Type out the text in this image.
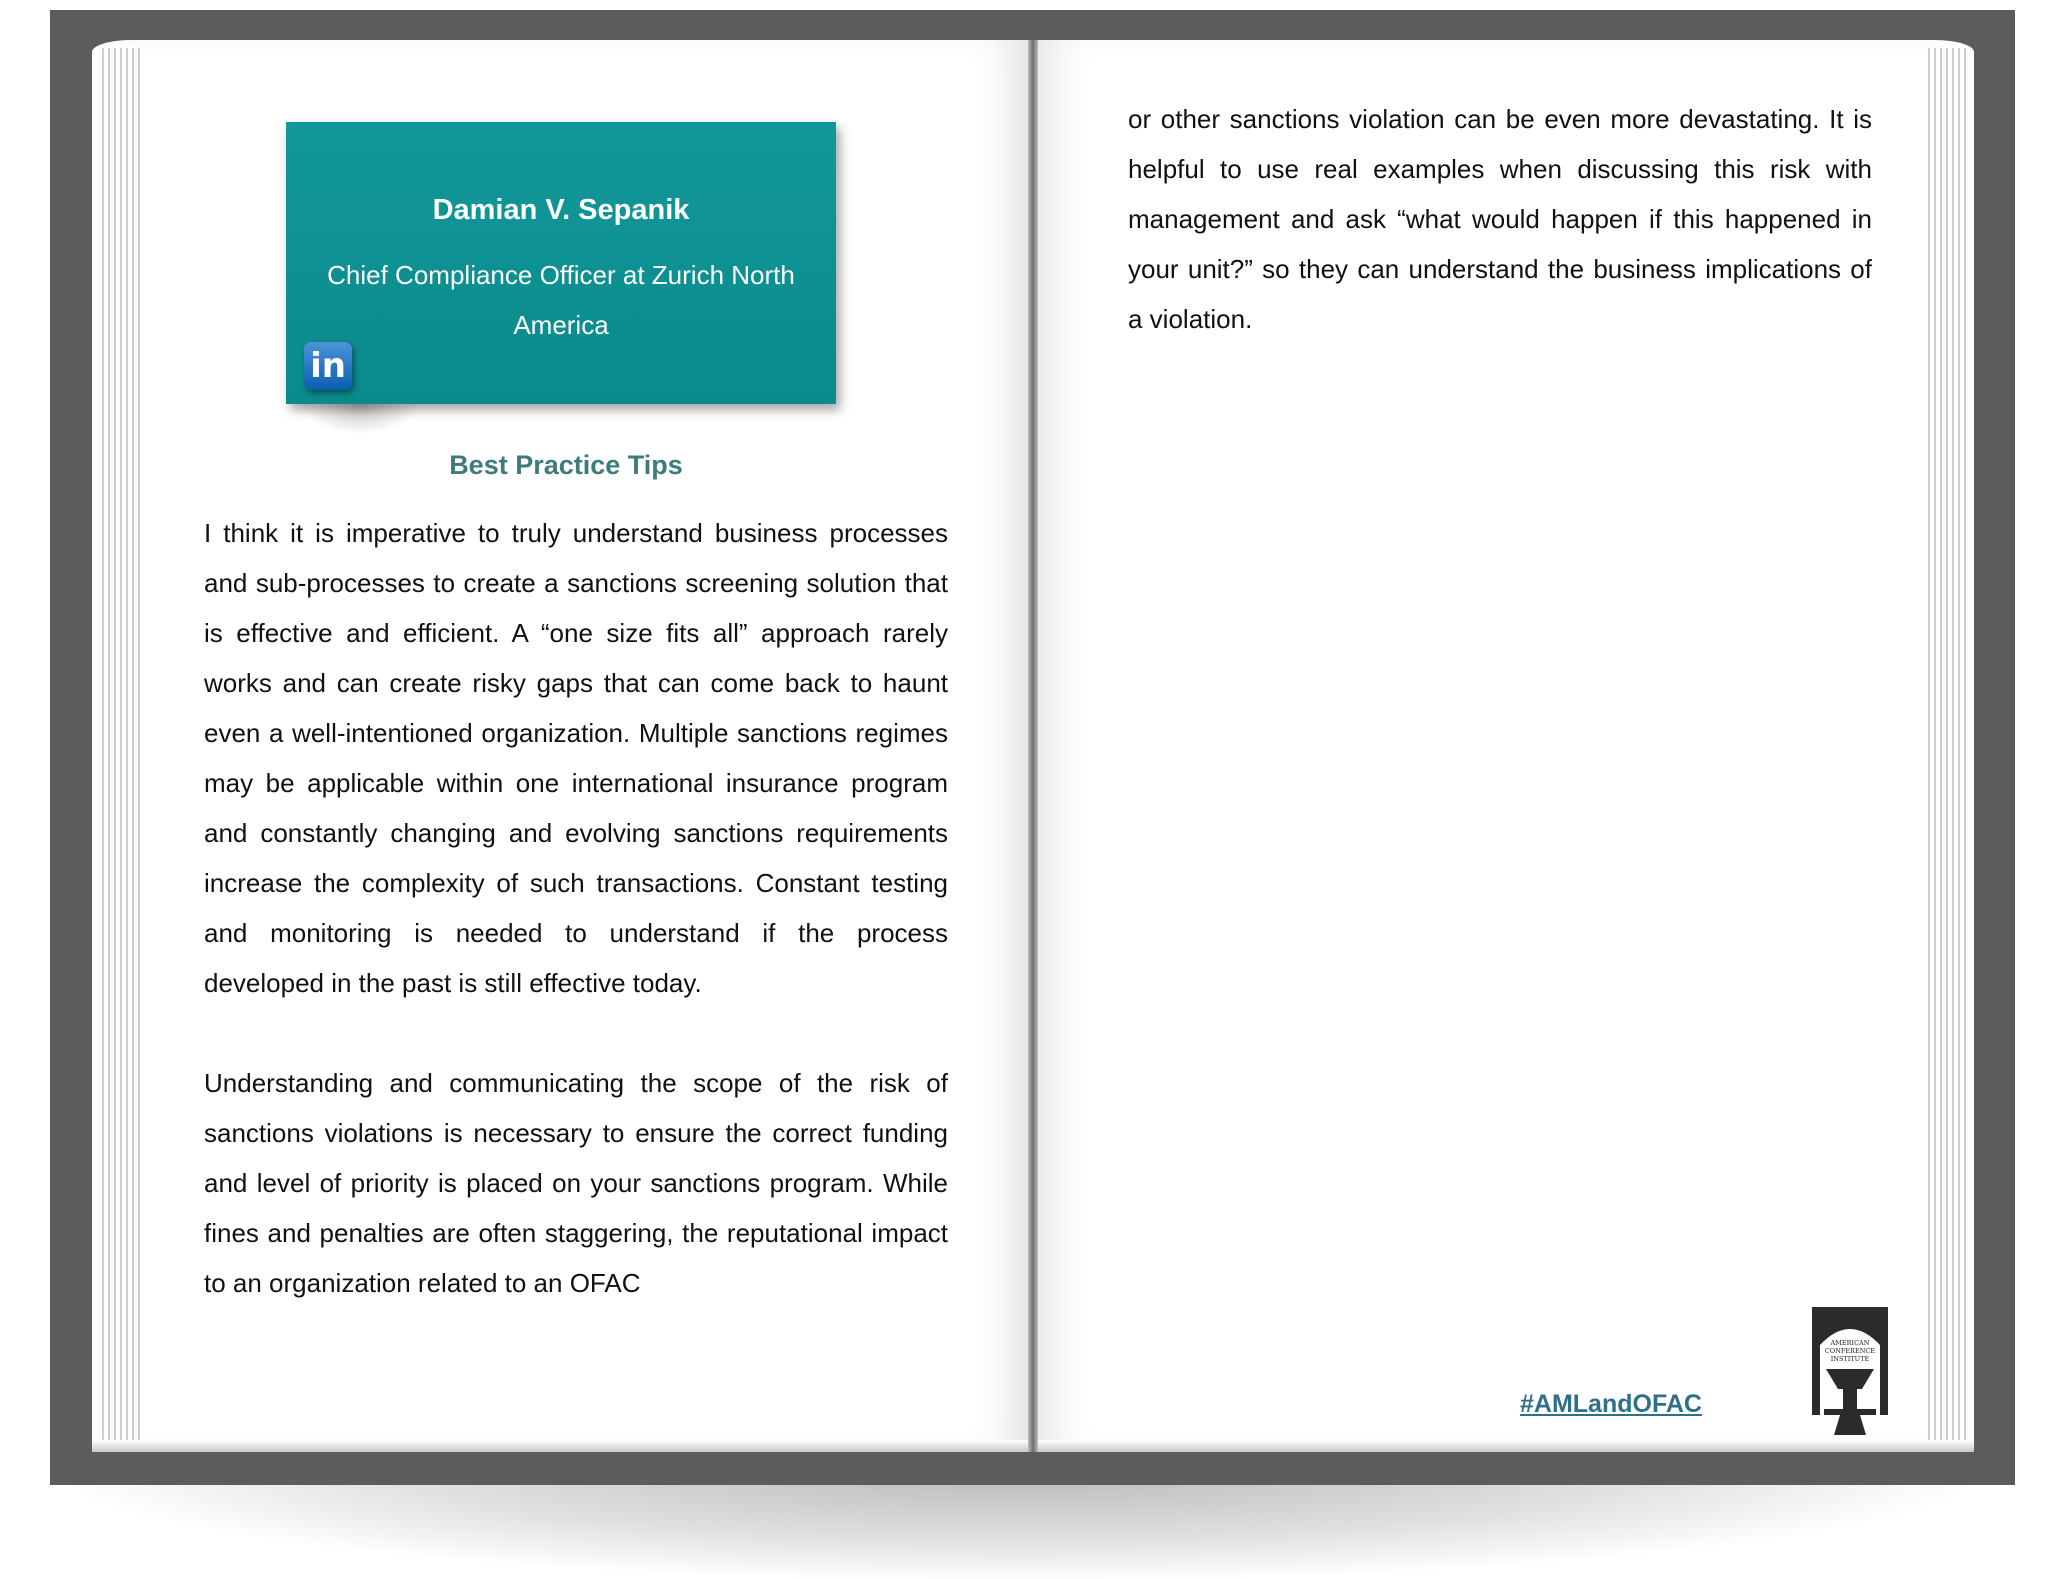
Damian V. Sepanik
Chief Compliance Officer at Zurich North America
in
Best Practice Tips

I think it is imperative to truly understand business processes and sub-processes to create a sanctions screening solution that is effective and efficient. A “one size fits all” approach rarely works and can create risky gaps that can come back to haunt even a well-intentioned organization. Multiple sanctions regimes may be applicable within one international insurance program and constantly changing and evolving sanctions requirements increase the complexity of such transactions. Constant testing and monitoring is needed to understand if the process developed in the past is still effective today.

Understanding and communicating the scope of the risk of sanctions violations is necessary to ensure the correct funding and level of priority is placed on your sanctions program. While fines and penalties are often staggering, the reputational impact to an organization related to an OFAC

or other sanctions violation can be even more devastating. It is helpful to use real examples when discussing this risk with management and ask “what would happen if this happened in your unit?” so they can understand the business implications of a violation.

#AMLandOFAC
AMERICAN
CONFERENCE
INSTITUTE
